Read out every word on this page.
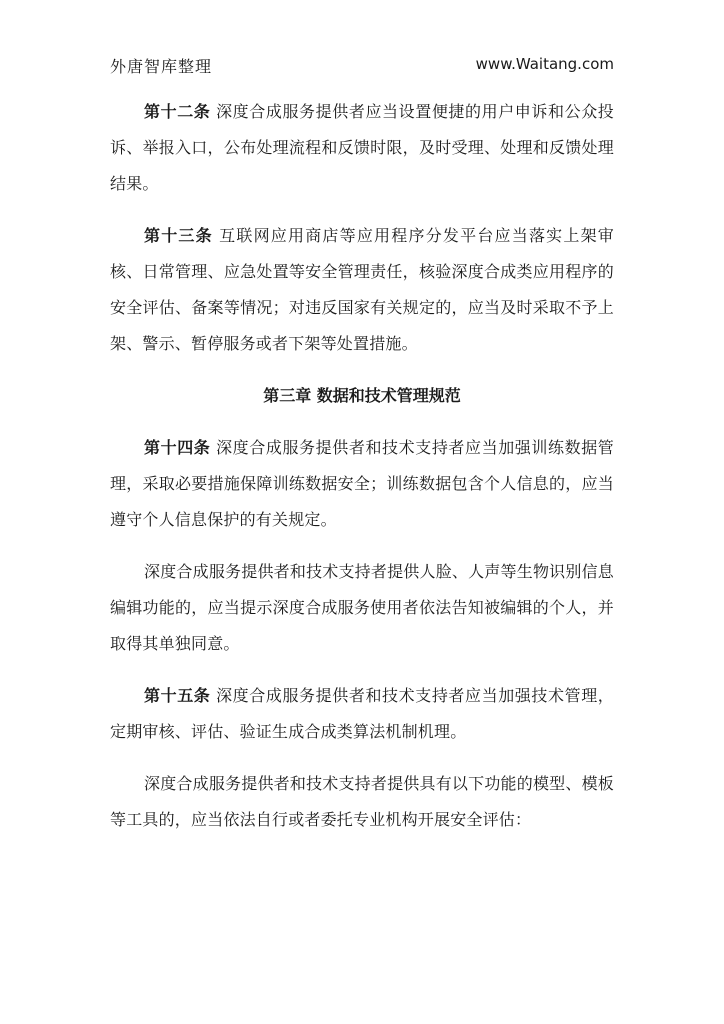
外唐智库整理	www.Waitang.com

第十二条 深度合成服务提供者应当设置便捷的用户申诉和公众投诉、举报入口，公布处理流程和反馈时限，及时受理、处理和反馈处理结果。

第十三条 互联网应用商店等应用程序分发平台应当落实上架审核、日常管理、应急处置等安全管理责任，核验深度合成类应用程序的安全评估、备案等情况；对违反国家有关规定的，应当及时采取不予上架、警示、暂停服务或者下架等处置措施。

第三章 数据和技术管理规范

第十四条 深度合成服务提供者和技术支持者应当加强训练数据管理，采取必要措施保障训练数据安全；训练数据包含个人信息的，应当遵守个人信息保护的有关规定。

深度合成服务提供者和技术支持者提供人脸、人声等生物识别信息编辑功能的，应当提示深度合成服务使用者依法告知被编辑的个人，并取得其单独同意。

第十五条 深度合成服务提供者和技术支持者应当加强技术管理，定期审核、评估、验证生成合成类算法机制机理。

深度合成服务提供者和技术支持者提供具有以下功能的模型、模板等工具的，应当依法自行或者委托专业机构开展安全评估：
